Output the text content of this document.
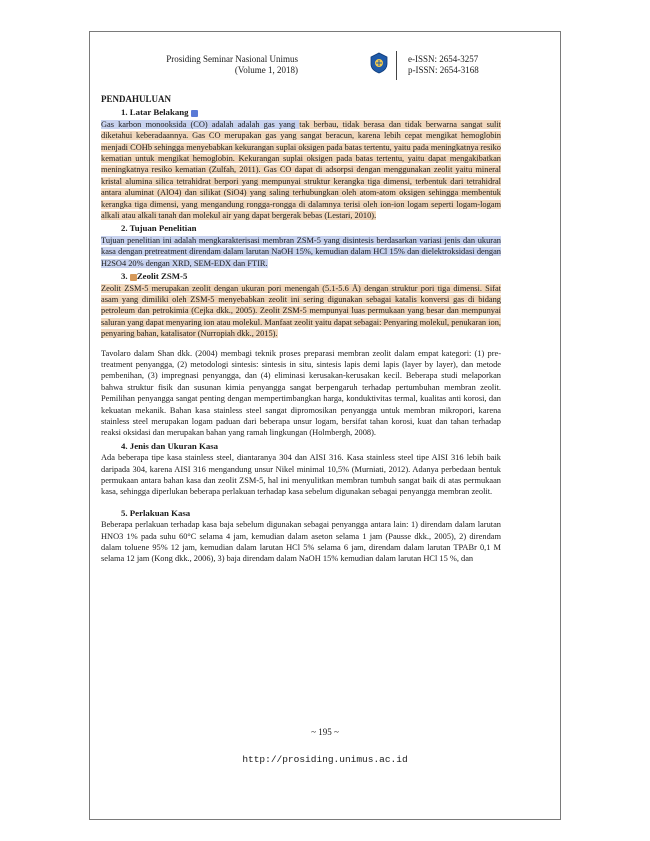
Prosiding Seminar Nasional Unimus
(Volume 1, 2018)
e-ISSN: 2654-3257
p-ISSN: 2654-3168
PENDAHULUAN
1. Latar Belakang

Gas karbon monooksida (CO) adalah adalah gas yang tak berbau, tidak berasa dan tidak berwarna sangat sulit diketahui keberadaannya. Gas CO merupakan gas yang sangat beracun, karena lebih cepat mengikat hemoglobin menjadi COHb sehingga menyebabkan kekurangan suplai oksigen pada batas tertentu, yaitu pada meningkatnya resiko kematian untuk mengikat hemoglobin. Kekurangan suplai oksigen pada batas tertentu, yaitu dapat mengakibatkan meningkatnya resiko kematian (Zulfah, 2011). Gas CO dapat di adsorpsi dengan menggunakan zeolit yaitu mineral kristal alumina silica tetrahidrat berpori yang mempunyai struktur kerangka tiga dimensi, terbentuk dari tetrahidral antara aluminat (AlO4) dan silikat (SiO4) yang saling terhubungkan oleh atom-atom oksigen sehingga membentuk kerangka tiga dimensi, yang mengandung rongga-rongga di dalamnya terisi oleh ion-ion logam seperti logam-logam alkali atau alkali tanah dan molekul air yang dapat bergerak bebas (Lestari, 2010).

2. Tujuan Penelitian

Tujuan penelitian ini adalah mengkarakterisasi membran ZSM-5 yang disintesis berdasarkan variasi jenis dan ukuran kasa dengan pretreatment direndam dalam larutan NaOH 15%, kemudian dalam HCl 15% dan dielektroksidasi dengan H2SO4 20% dengan XRD, SEM-EDX dan FTIR.

3. Zeolit ZSM-5

Zeolit ZSM-5 merupakan zeolit dengan ukuran pori menengah (5.1-5.6 Å) dengan struktur pori tiga dimensi. Sifat asam yang dimiliki oleh ZSM-5 menyebabkan zeolit ini sering digunakan sebagai katalis konversi gas di bidang petroleum dan petrokimia (Cejka dkk., 2005). Zeolit ZSM-5 mempunyai luas permukaan yang besar dan mempunyai saluran yang dapat menyaring ion atau molekul. Manfaat zeolit yaitu dapat sebagai: Penyaring molekul, penukaran ion, penyaring bahan, katalisator (Nurropiah dkk., 2015).

Tavolaro dalam Shan dkk. (2004) membagi teknik proses preparasi membran zeolit dalam empat kategori: (1) pre-treatment penyangga, (2) metodologi sintesis: sintesis in situ, sintesis lapis demi lapis (layer by layer), dan metode pembenihan, (3) impregnasi penyangga, dan (4) eliminasi kerusakan-kerusakan kecil. Beberapa studi melaporkan bahwa struktur fisik dan susunan kimia penyangga sangat berpengaruh terhadap pertumbuhan membran zeolit. Pemilihan penyangga sangat penting dengan mempertimbangkan harga, konduktivitas termal, kualitas anti korosi, dan kekuatan mekanik. Bahan kasa stainless steel sangat dipromosikan penyangga untuk membran mikropori, karena stainless steel merupakan logam paduan dari beberapa unsur logam, bersifat tahan korosi, kuat dan tahan terhadap reaksi oksidasi dan merupakan bahan yang ramah lingkungan (Holmbergh, 2008).

4. Jenis dan Ukuran Kasa

Ada beberapa tipe kasa stainless steel, diantaranya 304 dan AISI 316. Kasa stainless steel tipe AISI 316 lebih baik daripada 304, karena AISI 316 mengandung unsur Nikel minimal 10,5% (Murniati, 2012). Adanya perbedaan bentuk permukaan antara bahan kasa dan zeolit ZSM-5, hal ini menyulitkan membran tumbuh sangat baik di atas permukaan kasa, sehingga diperlukan beberapa perlakuan terhadap kasa sebelum digunakan sebagai penyangga membran zeolit.

5. Perlakuan Kasa

Beberapa perlakuan terhadap kasa baja sebelum digunakan sebagai penyangga antara lain: 1) direndam dalam larutan HNO3 1% pada suhu 60°C selama 4 jam, kemudian dalam aseton selama 1 jam (Pausse dkk., 2005), 2) direndam dalam toluene 95% 12 jam, kemudian dalam larutan HCl 5% selama 6 jam, direndam dalam larutan TPABr 0,1 M selama 12 jam (Kong dkk., 2006), 3) baja direndam dalam NaOH 15% kemudian dalam larutan HCl 15 %, dan

~ 195 ~
http://prosiding.unimus.ac.id
